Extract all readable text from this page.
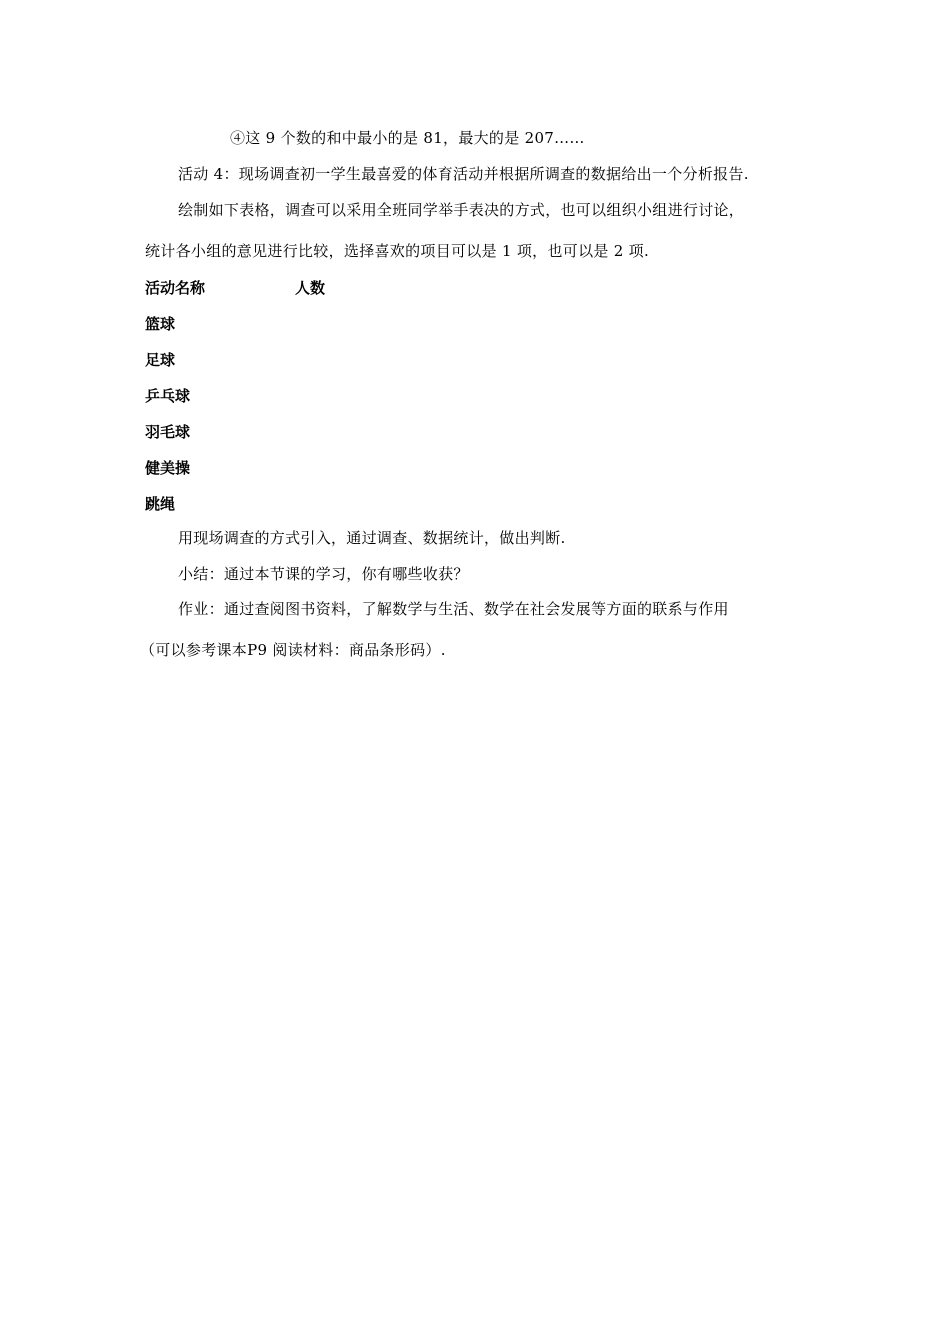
④这 9 个数的和中最小的是 81，最大的是 207……
活动 4：现场调查初一学生最喜爱的体育活动并根据所调查的数据给出一个分析报告.
绘制如下表格，调查可以采用全班同学举手表决的方式，也可以组织小组进行讨论，
统计各小组的意见进行比较，选择喜欢的项目可以是 1 项，也可以是 2 项.
活动名称	人数
篮球
足球
乒乓球
羽毛球
健美操
跳绳
用现场调查的方式引入，通过调查、数据统计，做出判断.
小结：通过本节课的学习，你有哪些收获？
作业：通过查阅图书资料，了解数学与生活、数学在社会发展等方面的联系与作用
（可以参考课本P9 阅读材料：商品条形码）.
